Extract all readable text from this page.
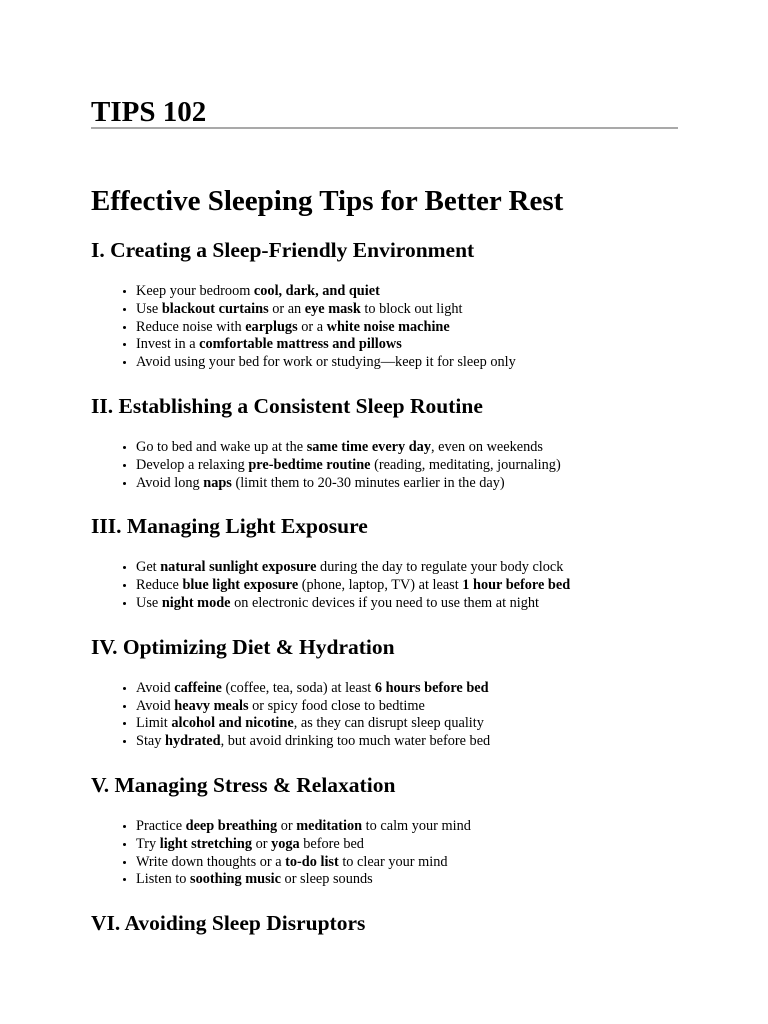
TIPS 102
Effective Sleeping Tips for Better Rest
I. Creating a Sleep-Friendly Environment
• Keep your bedroom cool, dark, and quiet
• Use blackout curtains or an eye mask to block out light
• Reduce noise with earplugs or a white noise machine
• Invest in a comfortable mattress and pillows
• Avoid using your bed for work or studying—keep it for sleep only
II. Establishing a Consistent Sleep Routine
• Go to bed and wake up at the same time every day, even on weekends
• Develop a relaxing pre-bedtime routine (reading, meditating, journaling)
• Avoid long naps (limit them to 20-30 minutes earlier in the day)
III. Managing Light Exposure
• Get natural sunlight exposure during the day to regulate your body clock
• Reduce blue light exposure (phone, laptop, TV) at least 1 hour before bed
• Use night mode on electronic devices if you need to use them at night
IV. Optimizing Diet & Hydration
• Avoid caffeine (coffee, tea, soda) at least 6 hours before bed
• Avoid heavy meals or spicy food close to bedtime
• Limit alcohol and nicotine, as they can disrupt sleep quality
• Stay hydrated, but avoid drinking too much water before bed
V. Managing Stress & Relaxation
• Practice deep breathing or meditation to calm your mind
• Try light stretching or yoga before bed
• Write down thoughts or a to-do list to clear your mind
• Listen to soothing music or sleep sounds
VI. Avoiding Sleep Disruptors
